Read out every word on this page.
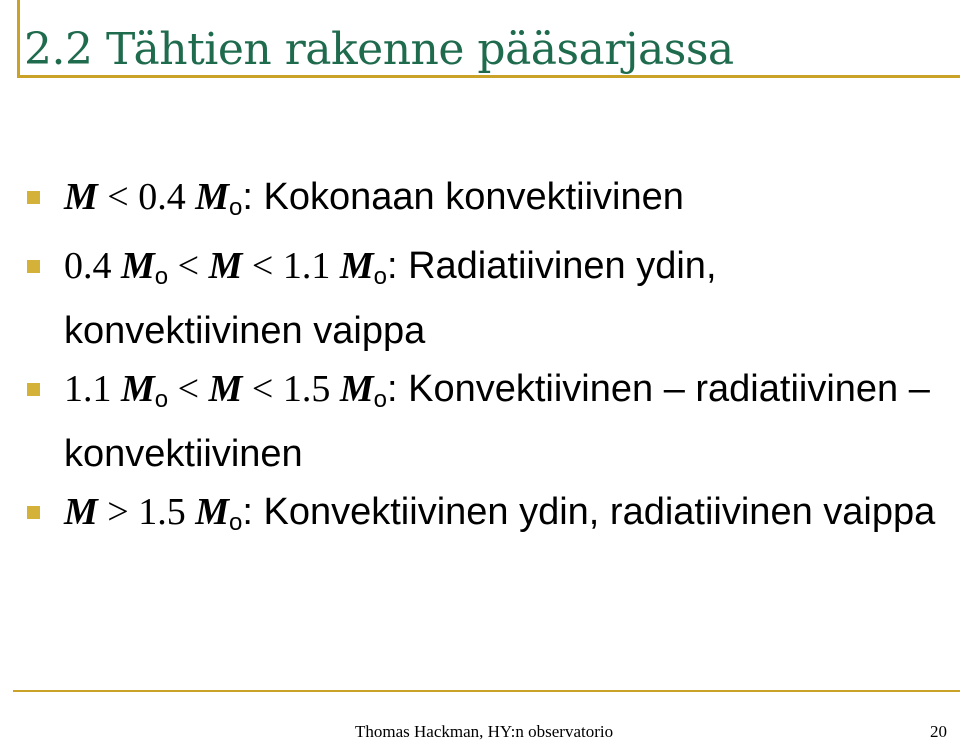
2.2 Tähtien rakenne pääsarjassa

M < 0.4 $M_o$: Kokonaan konvektiivinen

0.4 $M_o < M < 1.1$ $M_o$: Radiatiivinen ydin, konvektiivinen vaippa

1.1 $M_o < M < 1.5$ $M_o$: Konvektiivinen – radiatiivinen – konvektiivinen

M > 1.5 $M_o$: Konvektiivinen ydin, radiatiivinen vaippa

Thomas Hackman, HY:n observatorio	20
